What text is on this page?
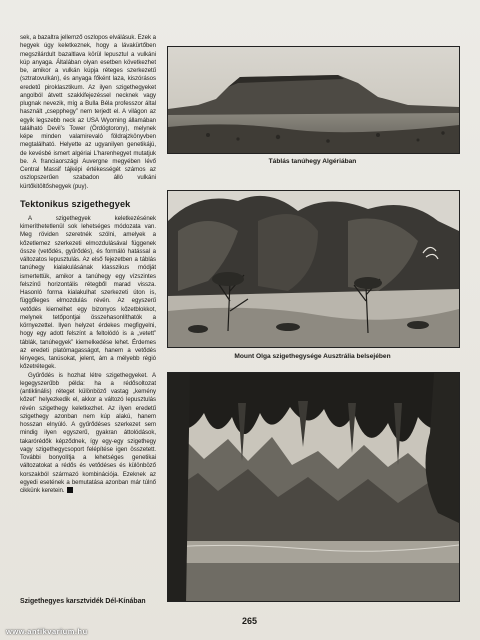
sek, a bazaltra jellemző oszlopos elválásuk. Ezek a hegyek úgy keletkeznek, hogy a lávakürtőben megszilárdult bazaltlava körül lepusztul a vulkáni kúp anyaga. Általában olyan esetben következhet be, amikor a vulkán kúpja réteges szerkezetű (sztratovulkán), és anyaga főként laza, kiszórásos eredetű piroklasztikum. Az ilyen szigethegyeket angolból átvett szakkifejezéssel necknek vagy plugnak nevezik, míg a Bulla Béla professzor által használt „csepphegy” nem terjedt el. A világon az egyik legszebb neck az USA Wyoming államában található Devil’s Tower (Ördögtorony), melynek képe minden valamirevaló földrajzkönyvben megtalálható. Helyette az ugyanilyen genetikájú, de kevésbé ismert algériai L’harenhegyet mutatjuk be. A franciaországi Auvergne megyében lévő Central Massif tájképi értékességét számos az oszlopszerűen szabadon álló vulkáni kürtőkitöltőshegyek (puy).

Tektonikus szigethegyek

A szigethegyek keletkezésének kimeríthetetlenül sok lehetséges módozata van. Meg röviden szeretnék szólni, amelyek a kőzetlemez szerkezeti elmozdulásával függenek össze (vetődés, gyűrődés), és formáló hatással a változatos lepusztulás. Az első fejezetben a táblás tanúhegy kialakulásának klasszikus módját ismertettük, amikor a tanúhegy egy vízszintes felszínű horizontális rétegből marad vissza. Hasonló forma kialakulhat szerkezeti úton is, függőleges elmozdulás révén. Az egyszerű vetődés kiemelhet egy bizonyos kőzetblokkot, melynek tetőpontjai összehasonlíthatók a környezettel. Ilyen helyzet érdekes megfigyelni, hogy egy adott felszínt a feltolódó is a „vetett” táblák, tanúhegyek” kiemelkedése lehet. Érdemes az eredeti platómagasságot, hanem a vetődés lényeges, tanúsokat, jelent, ám a mélyebb régió kőzetrétegek.

Gyűrődés is hozhat létre szigethegyeket. A legegyszerűbb példa: ha a rédősoltozat (antiklinális) réteget különböző vastag „kemény kőzet” helyezkedik el, akkor a változó lepusztulás révén szigethegy keletkezhet. Az ilyen eredetű szigethegy azonban nem kúp alakú, hanem hosszan elnyúló. A gyűrődéses szerkezet sem mindig ilyen egyszerű, gyakran áttolódások, takarórédők képződnek, így egy-egy szigethegy vagy szigethegycsoport felépítése igen összetett. További bonyolítja a lehetséges genetikai változatokat a rédős és vetődéses és különböző korszakból származó kombinációja. Ezeknek az egyedi esetének a bemutatása azonban már túlnő cikkünk keretein.

Táblás tanúhegy Algériában
Mount Olga szigethegysége Ausztrália belsejében
Szigethegyes karsztvidék Dél-Kínában
265
www.antikvarium.hu
